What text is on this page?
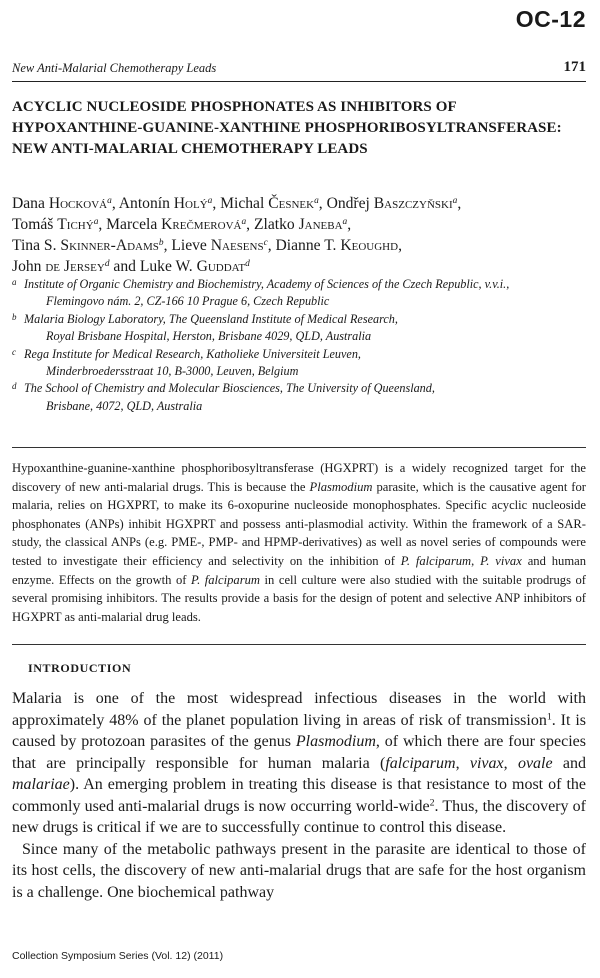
OC-12
New Anti-Malarial Chemotherapy Leads	171
ACYCLIC NUCLEOSIDE PHOSPHONATES AS INHIBITORS OF
HYPOXANTHINE-GUANINE-XANTHINE PHOSPHORIBOSYLTRANSFERASE:
NEW ANTI-MALARIAL CHEMOTHERAPY LEADS
Dana Hocková$^a$, Antonín Holý$^a$, Michal Česnek$^a$, Ondřej Baszczyňski$^a$,
Tomáš Tichý$^a$, Marcela Krečmerová$^a$, Zlatko Janeba$^a$,
Tina S. Skinner-Adams$^b$, Lieve Naesens$^c$, Dianne T. Keoughd,
John de Jersey$^d$ and Luke W. Guddat$^d$
a Institute of Organic Chemistry and Biochemistry, Academy of Sciences of the Czech Republic, v.v.i.,
Flemingovo nám. 2, CZ-166 10 Prague 6, Czech Republic
b Malaria Biology Laboratory, The Queensland Institute of Medical Research,
Royal Brisbane Hospital, Herston, Brisbane 4029, QLD, Australia
c Rega Institute for Medical Research, Katholieke Universiteit Leuven,
Minderbroedersstraat 10, B-3000, Leuven, Belgium
d The School of Chemistry and Molecular Biosciences, The University of Queensland,
Brisbane, 4072, QLD, Australia
Hypoxanthine-guanine-xanthine phosphoribosyltransferase (HGXPRT) is a widely recognized target for the discovery of new anti-malarial drugs. This is because the Plasmodium parasite, which is the causative agent for malaria, relies on HGXPRT, to make its 6-oxopurine nucleoside monophosphates. Specific acyclic nucleoside phosphonates (ANPs) inhibit HGXPRT and possess anti-plasmodial activity. Within the framework of a SAR-study, the classical ANPs (e.g. PME-, PMP- and HPMP-derivatives) as well as novel series of compounds were tested to investigate their efficiency and selectivity on the inhibition of P. falciparum, P. vivax and human enzyme. Effects on the growth of P. falciparum in cell culture were also studied with the suitable prodrugs of several promising inhibitors. The results provide a basis for the design of potent and selective ANP inhibitors of HGXPRT as anti-malarial drug leads.
INTRODUCTION

Malaria is one of the most widespread infectious diseases in the world with approximately 48% of the planet population living in areas of risk of transmission$^1$. It is caused by protozoan parasites of the genus Plasmodium, of which there are four species that are principally responsible for human malaria (falciparum, vivax, ovale and malariae). An emerging problem in treating this disease is that resistance to most of the commonly used anti-malarial drugs is now occurring world-wide$^2$. Thus, the discovery of new drugs is critical if we are to successfully continue to control this disease.

Since many of the metabolic pathways present in the parasite are identical to those of its host cells, the discovery of new anti-malarial drugs that are safe for the host organism is a challenge. One biochemical pathway

Collection Symposium Series (Vol. 12) (2011)
